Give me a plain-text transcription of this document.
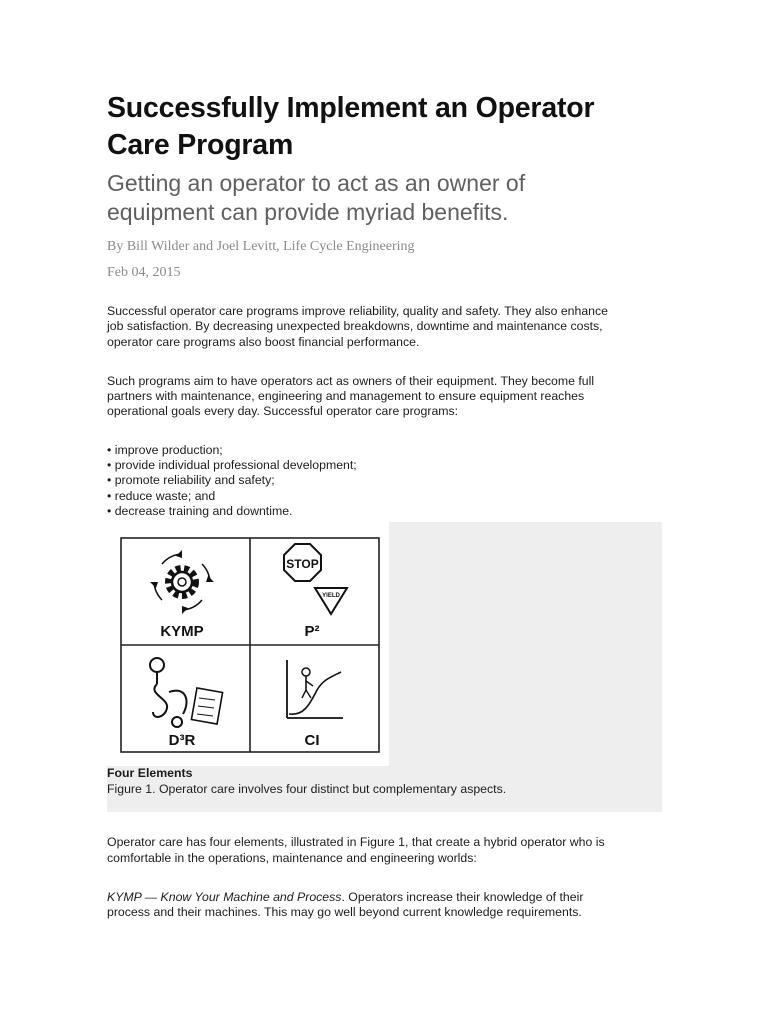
Successfully Implement an Operator
Care Program
Getting an operator to act as an owner of
equipment can provide myriad benefits.
By Bill Wilder and Joel Levitt, Life Cycle Engineering
Feb 04, 2015

Successful operator care programs improve reliability, quality and safety. They also enhance
job satisfaction. By decreasing unexpected breakdowns, downtime and maintenance costs,
operator care programs also boost financial performance.

Such programs aim to have operators act as owners of their equipment. They become full
partners with maintenance, engineering and management to ensure equipment reaches
operational goals every day. Successful operator care programs:

• improve production;
• provide individual professional development;
• promote reliability and safety;
• reduce waste; and
• decrease training and downtime.
KYMP
STOP
YIELD
P²
D³R	CI
Four Elements
Figure 1. Operator care involves four distinct but complementary aspects.

Operator care has four elements, illustrated in Figure 1, that create a hybrid operator who is
comfortable in the operations, maintenance and engineering worlds:

KYMP — Know Your Machine and Process. Operators increase their knowledge of their
process and their machines. This may go well beyond current knowledge requirements.
